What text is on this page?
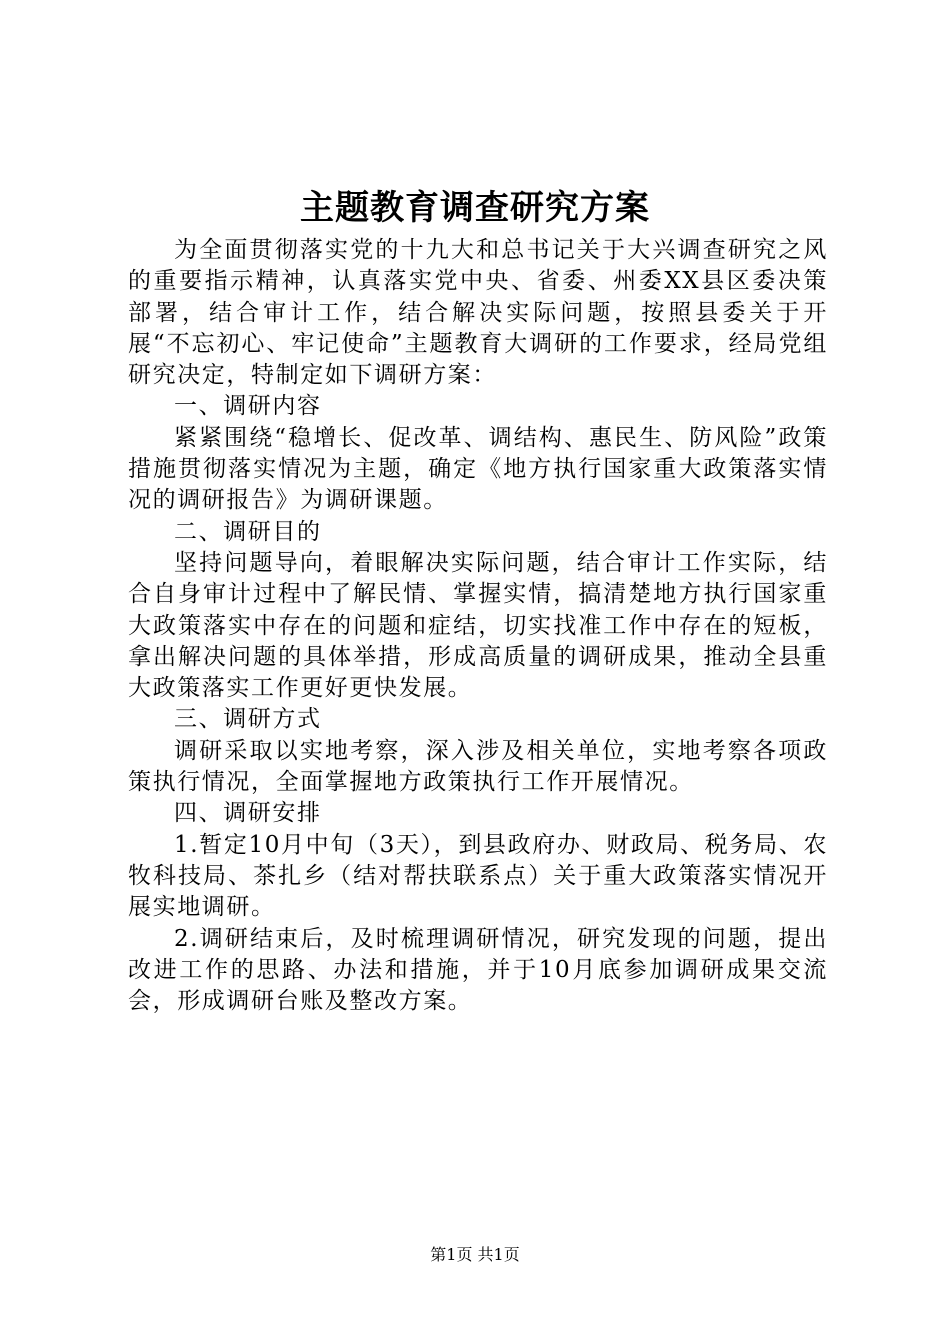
主题教育调查研究方案

为全面贯彻落实党的十九大和总书记关于大兴调查研究之风的重要指示精神，认真落实党中央、省委、州委XX县区委决策部署，结合审计工作，结合解决实际问题，按照县委关于开展“不忘初心、牢记使命”主题教育大调研的工作要求，经局党组研究决定，特制定如下调研方案：

一、调研内容

紧紧围绕“稳增长、促改革、调结构、惠民生、防风险”政策措施贯彻落实情况为主题，确定《地方执行国家重大政策落实情况的调研报告》为调研课题。

二、调研目的

坚持问题导向，着眼解决实际问题，结合审计工作实际，结合自身审计过程中了解民情、掌握实情，搞清楚地方执行国家重大政策落实中存在的问题和症结，切实找准工作中存在的短板，拿出解决问题的具体举措，形成高质量的调研成果，推动全县重大政策落实工作更好更快发展。

三、调研方式

调研采取以实地考察，深入涉及相关单位，实地考察各项政策执行情况，全面掌握地方政策执行工作开展情况。

四、调研安排

1.暂定10月中旬（3天），到县政府办、财政局、税务局、农牧科技局、茶扎乡（结对帮扶联系点）关于重大政策落实情况开展实地调研。

2.调研结束后，及时梳理调研情况，研究发现的问题，提出改进工作的思路、办法和措施，并于10月底参加调研成果交流会，形成调研台账及整改方案。

第1页 共1页
